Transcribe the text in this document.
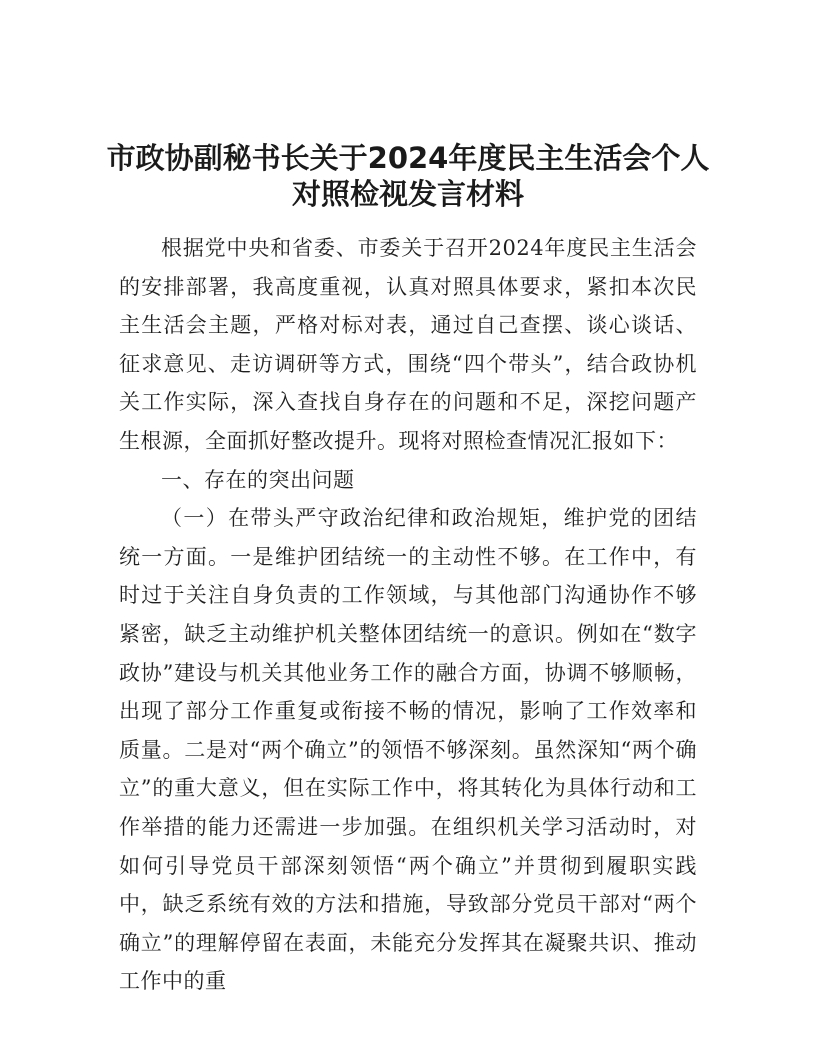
市政协副秘书长关于2024年度民主生活会个人
对照检视发言材料

根据党中央和省委、市委关于召开2024年度民主生活会的安排部署，我高度重视，认真对照具体要求，紧扣本次民主生活会主题，严格对标对表，通过自己查摆、谈心谈话、征求意见、走访调研等方式，围绕“四个带头”，结合政协机关工作实际，深入查找自身存在的问题和不足，深挖问题产生根源，全面抓好整改提升。现将对照检查情况汇报如下：

一、存在的突出问题

（一）在带头严守政治纪律和政治规矩，维护党的团结统一方面。一是维护团结统一的主动性不够。在工作中，有时过于关注自身负责的工作领域，与其他部门沟通协作不够紧密，缺乏主动维护机关整体团结统一的意识。例如在“数字政协”建设与机关其他业务工作的融合方面，协调不够顺畅，出现了部分工作重复或衔接不畅的情况，影响了工作效率和质量。二是对“两个确立”的领悟不够深刻。虽然深知“两个确立”的重大意义，但在实际工作中，将其转化为具体行动和工作举措的能力还需进一步加强。在组织机关学习活动时，对如何引导党员干部深刻领悟“两个确立”并贯彻到履职实践中，缺乏系统有效的方法和措施，导致部分党员干部对“两个确立”的理解停留在表面，未能充分发挥其在凝聚共识、推动工作中的重
